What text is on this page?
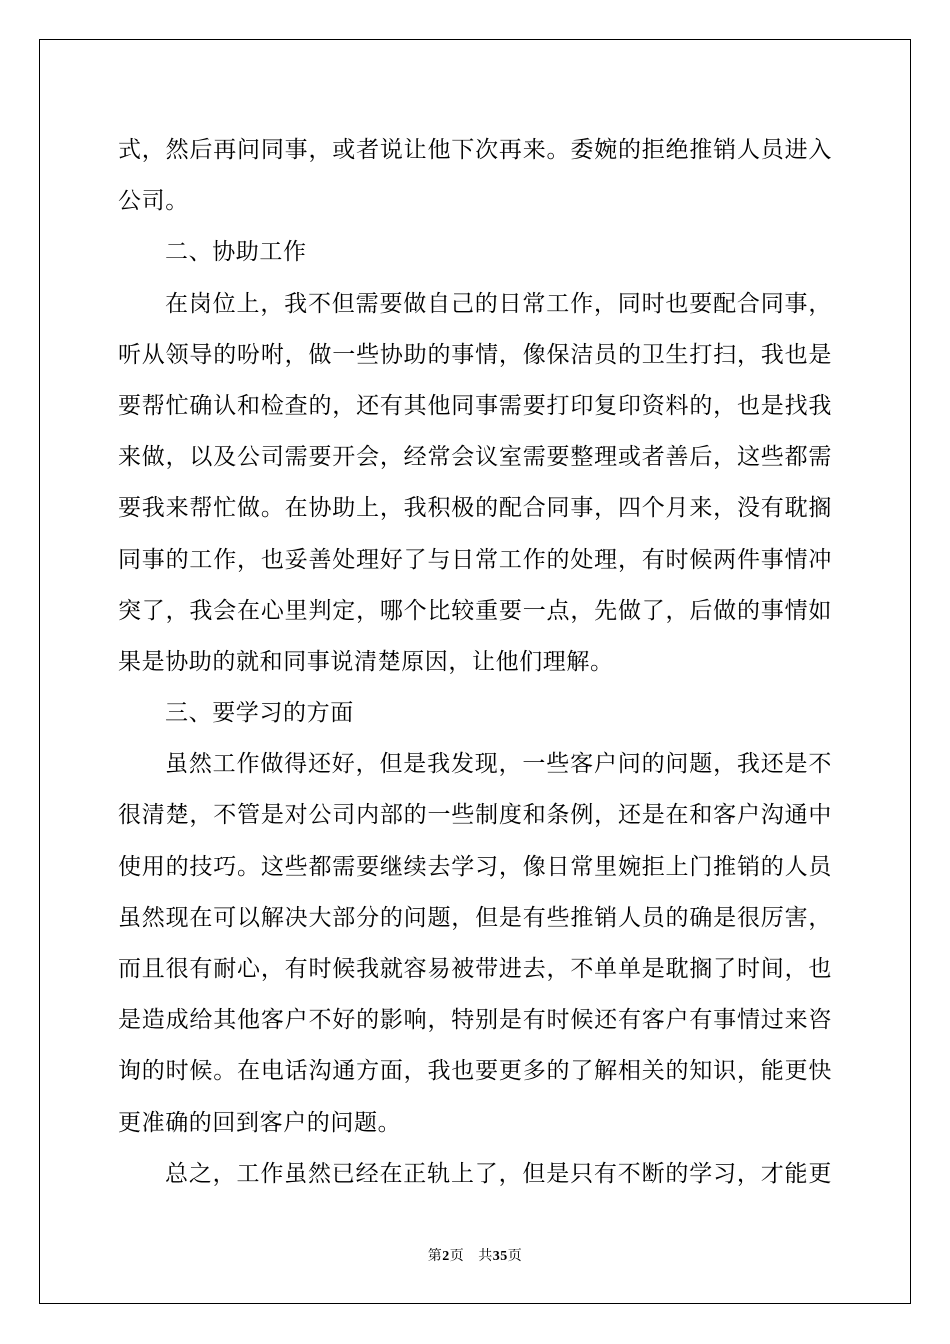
式，然后再问同事，或者说让他下次再来。委婉的拒绝推销人员进入
公司。
二、协助工作
在岗位上，我不但需要做自己的日常工作，同时也要配合同事，
听从领导的吩咐，做一些协助的事情，像保洁员的卫生打扫，我也是
要帮忙确认和检查的，还有其他同事需要打印复印资料的，也是找我
来做，以及公司需要开会，经常会议室需要整理或者善后，这些都需
要我来帮忙做。在协助上，我积极的配合同事，四个月来，没有耽搁
同事的工作，也妥善处理好了与日常工作的处理，有时候两件事情冲
突了，我会在心里判定，哪个比较重要一点，先做了，后做的事情如
果是协助的就和同事说清楚原因，让他们理解。
三、要学习的方面
虽然工作做得还好，但是我发现，一些客户问的问题，我还是不
很清楚，不管是对公司内部的一些制度和条例，还是在和客户沟通中
使用的技巧。这些都需要继续去学习，像日常里婉拒上门推销的人员
虽然现在可以解决大部分的问题，但是有些推销人员的确是很厉害，
而且很有耐心，有时候我就容易被带进去，不单单是耽搁了时间，也
是造成给其他客户不好的影响，特别是有时候还有客户有事情过来咨
询的时候。在电话沟通方面，我也要更多的了解相关的知识，能更快
更准确的回到客户的问题。
总之，工作虽然已经在正轨上了，但是只有不断的学习，才能更
第2页 共35页
